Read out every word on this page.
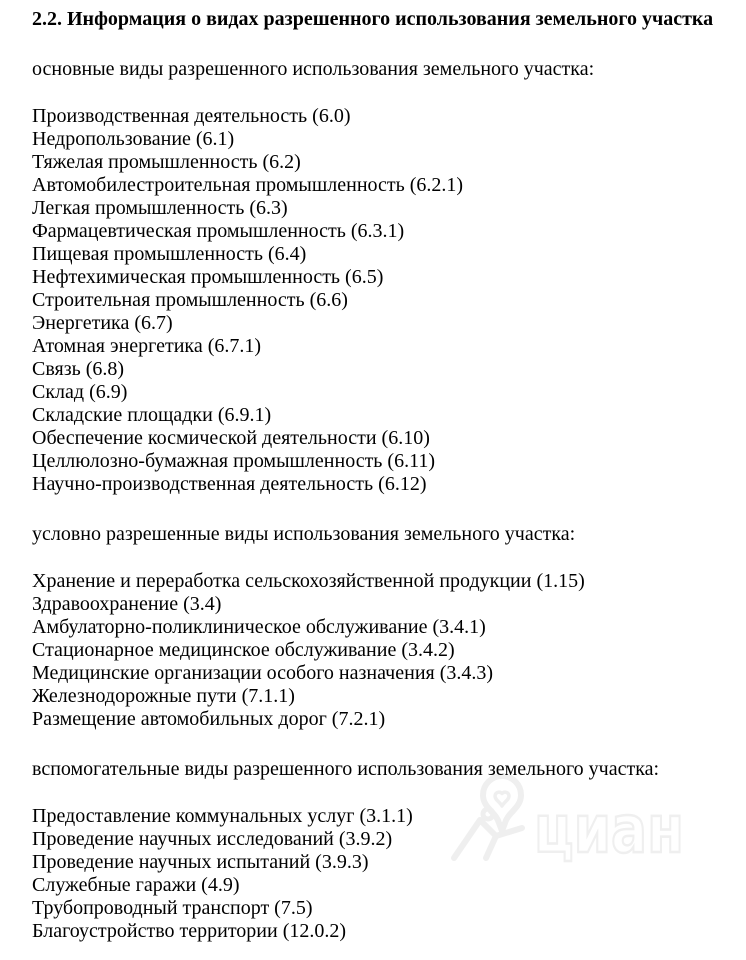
2.2. Информация о видах разрешенного использования земельного участка

основные виды разрешенного использования земельного участка:

Производственная деятельность (6.0)

Недропользование (6.1)

Тяжелая промышленность (6.2)

Автомобилестроительная промышленность (6.2.1)

Легкая промышленность (6.3)

Фармацевтическая промышленность (6.3.1)

Пищевая промышленность (6.4)

Нефтехимическая промышленность (6.5)

Строительная промышленность (6.6)

Энергетика (6.7)

Атомная энергетика (6.7.1)

Связь (6.8)

Склад (6.9)

Складские площадки (6.9.1)

Обеспечение космической деятельности (6.10)

Целлюлозно-бумажная промышленность (6.11)

Научно-производственная деятельность (6.12)

условно разрешенные виды использования земельного участка:

Хранение и переработка сельскохозяйственной продукции (1.15)

Здравоохранение (3.4)

Амбулаторно-поликлиническое обслуживание (3.4.1)

Стационарное медицинское обслуживание (3.4.2)

Медицинские организации особого назначения (3.4.3)

Железнодорожные пути (7.1.1)

Размещение автомобильных дорог (7.2.1)

вспомогательные виды разрешенного использования земельного участка:

Предоставление коммунальных услуг (3.1.1)

Проведение научных исследований (3.9.2)

Проведение научных испытаний (3.9.3)

Служебные гаражи (4.9)

Трубопроводный транспорт (7.5)

Благоустройство территории (12.0.2)

циан
